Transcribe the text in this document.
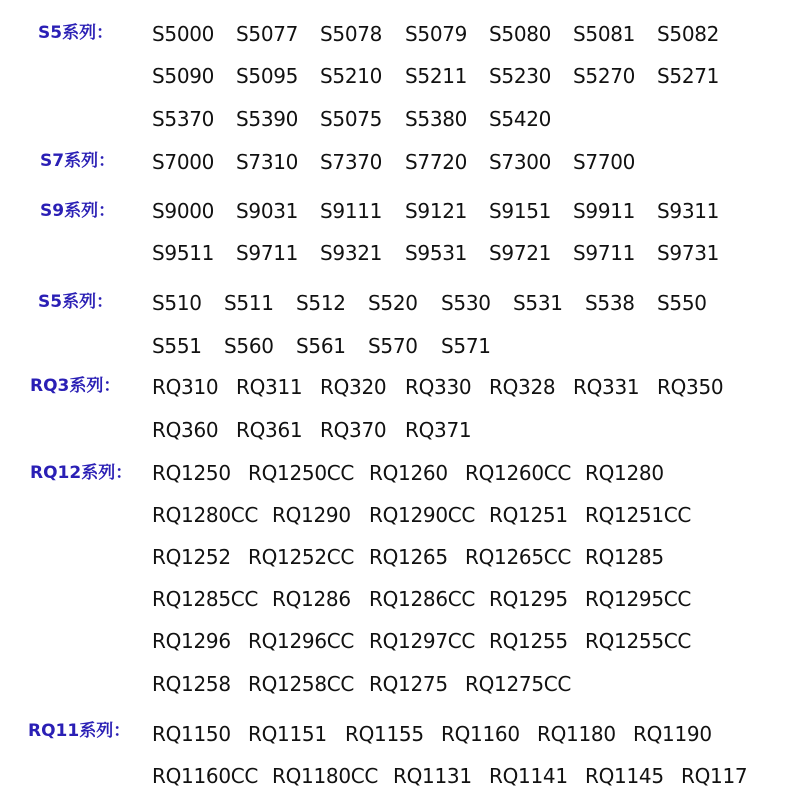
S5系列： S5000 S5077 S5078 S5079 S5080 S5081 S5082
S5090 S5095 S5210 S5211 S5230 S5270 S5271
S5370 S5390 S5075 S5380 S5420
S7系列： S7000 S7310 S7370 S7720 S7300 S7700
S9系列： S9000 S9031 S9111 S9121 S9151 S9911 S9311
S9511 S9711 S9321 S9531 S9721 S9711 S9731
S5系列： S510 S511 S512 S520 S530 S531 S538 S550
S551 S560 S561 S570 S571
RQ3系列： RQ310 RQ311 RQ320 RQ330 RQ328 RQ331 RQ350
RQ360 RQ361 RQ370 RQ371
RQ12系列： RQ1250 RQ1250CC RQ1260 RQ1260CC RQ1280
RQ1280CC RQ1290 RQ1290CC RQ1251 RQ1251CC
RQ1252 RQ1252CC RQ1265 RQ1265CC RQ1285
RQ1285CC RQ1286 RQ1286CC RQ1295 RQ1295CC
RQ1296 RQ1296CC RQ1297CC RQ1255 RQ1255CC
RQ1258 RQ1258CC RQ1275 RQ1275CC
RQ11系列： RQ1150 RQ1151 RQ1155 RQ1160 RQ1180 RQ1190
RQ1160CC RQ1180CC RQ1131 RQ1141 RQ1145 RQ117
